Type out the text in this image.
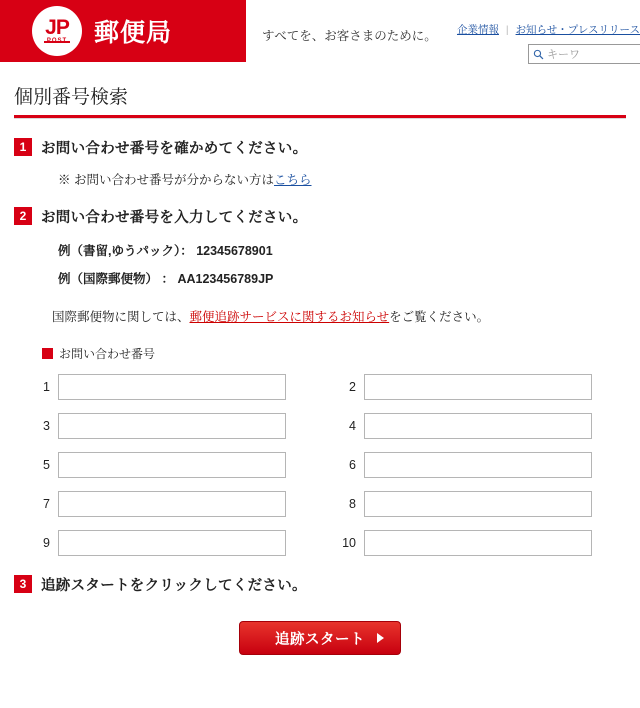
JP 郵便局	すべてを、お客さまのために。 企業情報 | お知らせ・プレスリリース
キーワ
個別番号検索
1	お問い合わせ番号を確かめてください。
※ お問い合わせ番号が分からない方はこちら
2	お問い合わせ番号を入力してください。
例（書留,ゆうパック）： 12345678901
例（国際郵便物） ： AA123456789JP
国際郵便物に関しては、郵便追跡サービスに関するお知らせをご覧ください。
お問い合わせ番号
1	2
3	4
5	6
7	8
9	10
3	追跡スタートをクリックしてください。
追跡スタート
